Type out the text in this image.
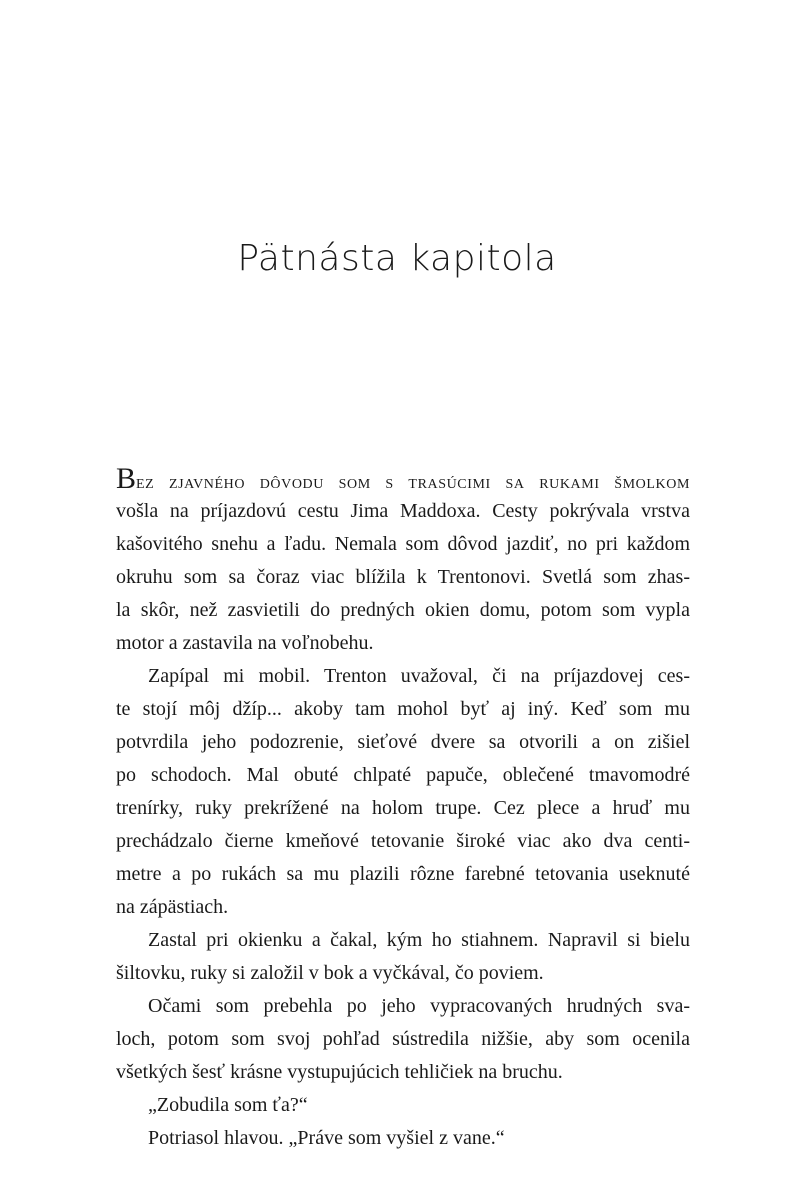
Pätnásta kapitola
Bez zjavného dôvodu som s trasúcimi sa rukami šmolkom
vošla na príjazdovú cestu Jima Maddoxa. Cesty pokrývala vrstva
kašovitého snehu a ľadu. Nemala som dôvod jazdiť, no pri každom
okruhu som sa čoraz viac blížila k Trentonovi. Svetlá som zhas-
la skôr, než zasvietili do predných okien domu, potom som vypla
motor a zastavila na voľnobehu.
Zapípal mi mobil. Trenton uvažoval, či na príjazdovej ces-
te stojí môj džíp... akoby tam mohol byť aj iný. Keď som mu
potvrdila jeho podozrenie, sieťové dvere sa otvorili a on zišiel
po schodoch. Mal obuté chlpaté papuče, oblečené tmavomodré
trenírky, ruky prekrížené na holom trupe. Cez plece a hruď mu
prechádzalo čierne kmeňové tetovanie široké viac ako dva centi-
metre a po rukách sa mu plazili rôzne farebné tetovania useknuté
na zápästiach.
Zastal pri okienku a čakal, kým ho stiahnem. Napravil si bielu
šiltovku, ruky si založil v bok a vyčkával, čo poviem.
Očami som prebehla po jeho vypracovaných hrudných sva-
loch, potom som svoj pohľad sústredila nižšie, aby som ocenila
všetkých šesť krásne vystupujúcich tehličiek na bruchu.
„Zobudila som ťa?“
Potriasol hlavou. „Práve som vyšiel z vane.“
